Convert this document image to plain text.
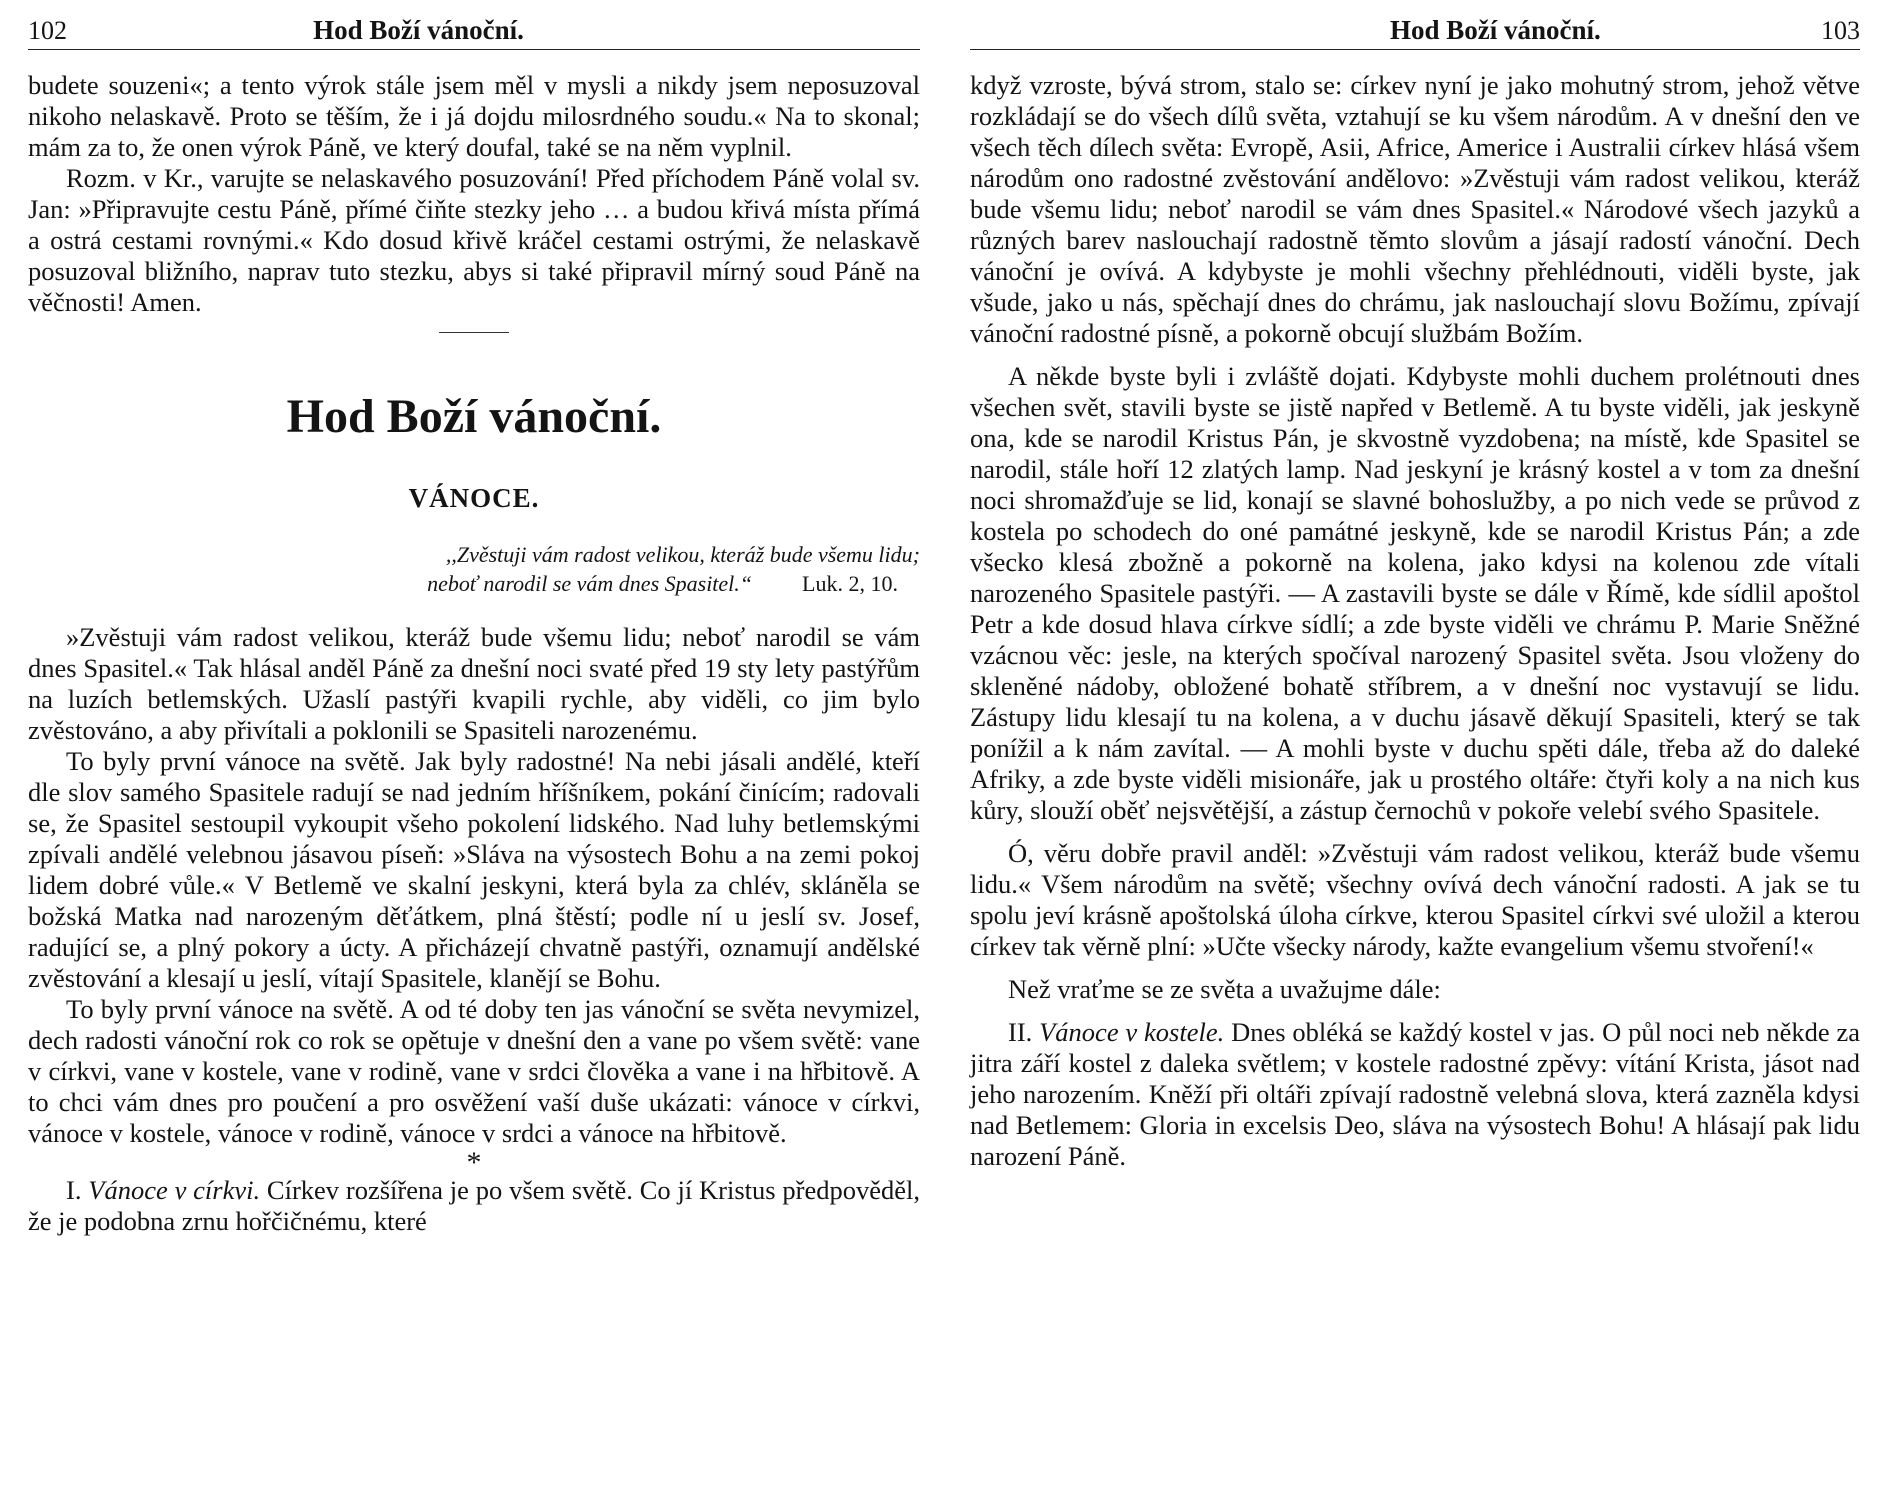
102	Hod Boží vánoční.

budete souzeni«; a tento výrok stále jsem měl v mysli a nikdy jsem neposuzoval nikoho nelaskavě. Proto se těším, že i já dojdu milosrdného soudu.« Na to skonal; mám za to, že onen výrok Páně, ve který doufal, také se na něm vyplnil.

Rozm. v Kr., varujte se nelaskavého posuzování! Před příchodem Páně volal sv. Jan: »Připravujte cestu Páně, přímé čiňte stezky jeho … a budou křivá místa přímá a ostrá cestami rovnými.« Kdo dosud křivě kráčel cestami ostrými, že nelaskavě posuzoval bližního, naprav tuto stezku, abys si také připravil mírný soud Páně na věčnosti! Amen.

Hod Boží vánoční.
VÁNOCE.
,,Zvěstuji vám radost velikou, kteráž bude všemu lidu;
neboť narodil se vám dnes Spasitel.“ Luk. 2, 10.

»Zvěstuji vám radost velikou, kteráž bude všemu lidu; neboť narodil se vám dnes Spasitel.« Tak hlásal anděl Páně za dnešní noci svaté před 19 sty lety pastýřům na luzích betlemských. Užaslí pastýři kvapili rychle, aby viděli, co jim bylo zvěstováno, a aby přivítali a poklonili se Spasiteli narozenému.

To byly první vánoce na světě. Jak byly radostné! Na nebi jásali andělé, kteří dle slov samého Spasitele radují se nad jedním hříšníkem, pokání činícím; radovali se, že Spasitel sestoupil vykoupit všeho pokolení lidského. Nad luhy betlemskými zpívali andělé velebnou jásavou píseň: »Sláva na výsostech Bohu a na zemi pokoj lidem dobré vůle.« V Betlemě ve skalní jeskyni, která byla za chlév, skláněla se božská Matka nad narozeným děťátkem, plná štěstí; podle ní u jeslí sv. Josef, radující se, a plný pokory a úcty. A přicházejí chvatně pastýři, oznamují andělské zvěstování a klesají u jeslí, vítají Spasitele, klanějí se Bohu.

To byly první vánoce na světě. A od té doby ten jas vánoční se světa nevymizel, dech radosti vánoční rok co rok se opětuje v dnešní den a vane po všem světě: vane v církvi, vane v kostele, vane v rodině, vane v srdci člověka a vane i na hřbitově. A to chci vám dnes pro poučení a pro osvěžení vaší duše ukázati: vánoce v církvi, vánoce v kostele, vánoce v rodině, vánoce v srdci a vánoce na hřbitově.

*

I. Vánoce v církvi. Církev rozšířena je po všem světě. Co jí Kristus předpověděl, že je podobna zrnu hořčičnému, které

Hod Boží vánoční.	103

když vzroste, bývá strom, stalo se: církev nyní je jako mohutný strom, jehož větve rozkládají se do všech dílů světa, vztahují se ku všem národům. A v dnešní den ve všech těch dílech světa: Evropě, Asii, Africe, Americe i Australii církev hlásá všem národům ono radostné zvěstování andělovo: »Zvěstuji vám radost velikou, kteráž bude všemu lidu; neboť narodil se vám dnes Spasitel.« Národové všech jazyků a různých barev naslouchají radostně těmto slovům a jásají radostí vánoční. Dech vánoční je ovívá. A kdybyste je mohli všechny přehlédnouti, viděli byste, jak všude, jako u nás, spěchají dnes do chrámu, jak naslouchají slovu Božímu, zpívají vánoční radostné písně, a pokorně obcují službám Božím.

A někde byste byli i zvláště dojati. Kdybyste mohli duchem prolétnouti dnes všechen svět, stavili byste se jistě napřed v Betlemě. A tu byste viděli, jak jeskyně ona, kde se narodil Kristus Pán, je skvostně vyzdobena; na místě, kde Spasitel se narodil, stále hoří 12 zlatých lamp. Nad jeskyní je krásný kostel a v tom za dnešní noci shromažďuje se lid, konají se slavné bohoslužby, a po nich vede se průvod z kostela po schodech do oné památné jeskyně, kde se narodil Kristus Pán; a zde všecko klesá zbožně a pokorně na kolena, jako kdysi na kolenou zde vítali narozeného Spasitele pastýři. — A zastavili byste se dále v Římě, kde sídlil apoštol Petr a kde dosud hlava církve sídlí; a zde byste viděli ve chrámu P. Marie Sněžné vzácnou věc: jesle, na kterých spočíval narozený Spasitel světa. Jsou vloženy do skleněné nádoby, obložené bohatě stříbrem, a v dnešní noc vystavují se lidu. Zástupy lidu klesají tu na kolena, a v duchu jásavě děkují Spasiteli, který se tak ponížil a k nám zavítal. — A mohli byste v duchu spěti dále, třeba až do daleké Afriky, a zde byste viděli misionáře, jak u prostého oltáře: čtyři koly a na nich kus kůry, slouží oběť nejsvětější, a zástup černochů v pokoře velebí svého Spasitele.

Ó, věru dobře pravil anděl: »Zvěstuji vám radost velikou, kteráž bude všemu lidu.« Všem národům na světě; všechny ovívá dech vánoční radosti. A jak se tu spolu jeví krásně apoštolská úloha církve, kterou Spasitel církvi své uložil a kterou církev tak věrně plní: »Učte všecky národy, kažte evangelium všemu stvoření!«

Než vraťme se ze světa a uvažujme dále:

II. Vánoce v kostele. Dnes obléká se každý kostel v jas. O půl noci neb někde za jitra září kostel z daleka světlem; v kostele radostné zpěvy: vítání Krista, jásot nad jeho narozením. Kněží při oltáři zpívají radostně velebná slova, která zazněla kdysi nad Betlemem: Gloria in excelsis Deo, sláva na výsostech Bohu! A hlásají pak lidu narození Páně.
